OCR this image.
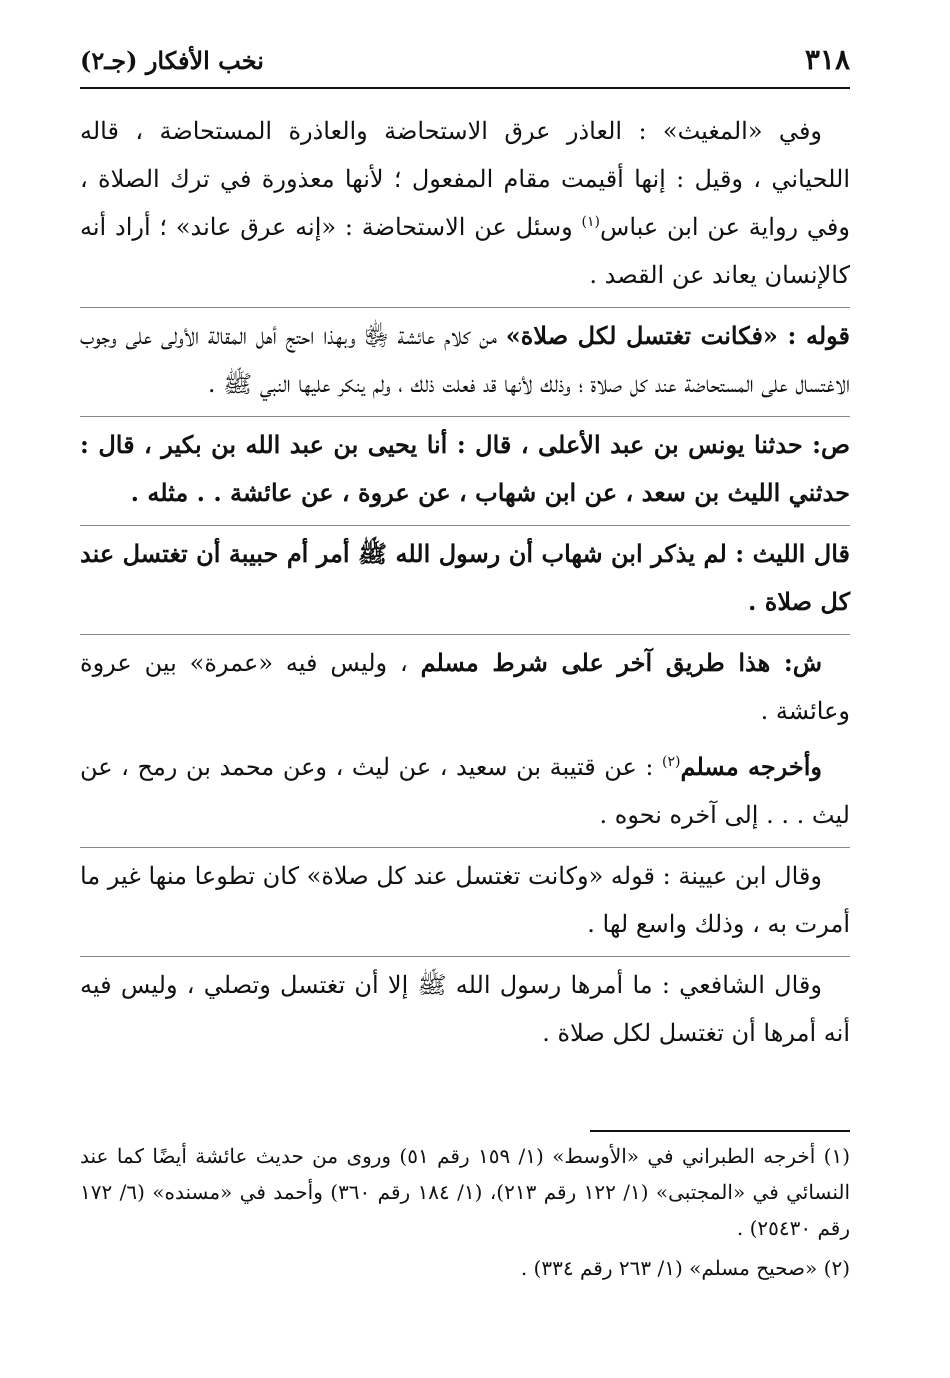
٣١٨
نخب الأفكار (جـ٢)

وفي «المغيث» : العاذر عرق الاستحاضة والعاذرة المستحاضة ، قاله اللحياني ، وقيل : إنها أقيمت مقام المفعول ؛ لأنها معذورة في ترك الصلاة ، وفي رواية عن ابن عباس$^{(١)}$ وسئل عن الاستحاضة : «إنه عرق عاند» ؛ أراد أنه كالإنسان يعاند عن القصد .

قوله : «فكانت تغتسل لكل صلاة» من كلام عائشة ﵂ وبهذا احتج أهل المقالة الأولى على وجوب الاغتسال على المستحاضة عند كل صلاة ؛ وذلك لأنها قد فعلت ذلك ، ولم ينكر عليها النبي ﷺ .

ص: حدثنا يونس بن عبد الأعلى ، قال : أنا يحيى بن عبد الله بن بكير ، قال : حدثني الليث بن سعد ، عن ابن شهاب ، عن عروة ، عن عائشة . . مثله .

قال الليث : لم يذكر ابن شهاب أن رسول الله ﷺ أمر أم حبيبة أن تغتسل عند كل صلاة .

ش: هذا طريق آخر على شرط مسلم ، وليس فيه «عمرة» بين عروة وعائشة .

وأخرجه مسلم$^{(٢)}$ : عن قتيبة بن سعيد ، عن ليث ، وعن محمد بن رمح ، عن ليث . . . إلى آخره نحوه .

وقال ابن عيينة : قوله «وكانت تغتسل عند كل صلاة» كان تطوعا منها غير ما أمرت به ، وذلك واسع لها .

وقال الشافعي : ما أمرها رسول الله ﷺ إلا أن تغتسل وتصلي ، وليس فيه أنه أمرها أن تغتسل لكل صلاة .

(١) أخرجه الطبراني في «الأوسط» (١/ ١٥٩ رقم ٥١) وروى من حديث عائشة أيضًا كما عند النسائي في «المجتبى» (١/ ١٢٢ رقم ٢١٣)، (١/ ١٨٤ رقم ٣٦٠) وأحمد في «مسنده» (٦/ ١٧٢ رقم ٢٥٤٣٠) .

(٢) «صحيح مسلم» (١/ ٢٦٣ رقم ٣٣٤) .
